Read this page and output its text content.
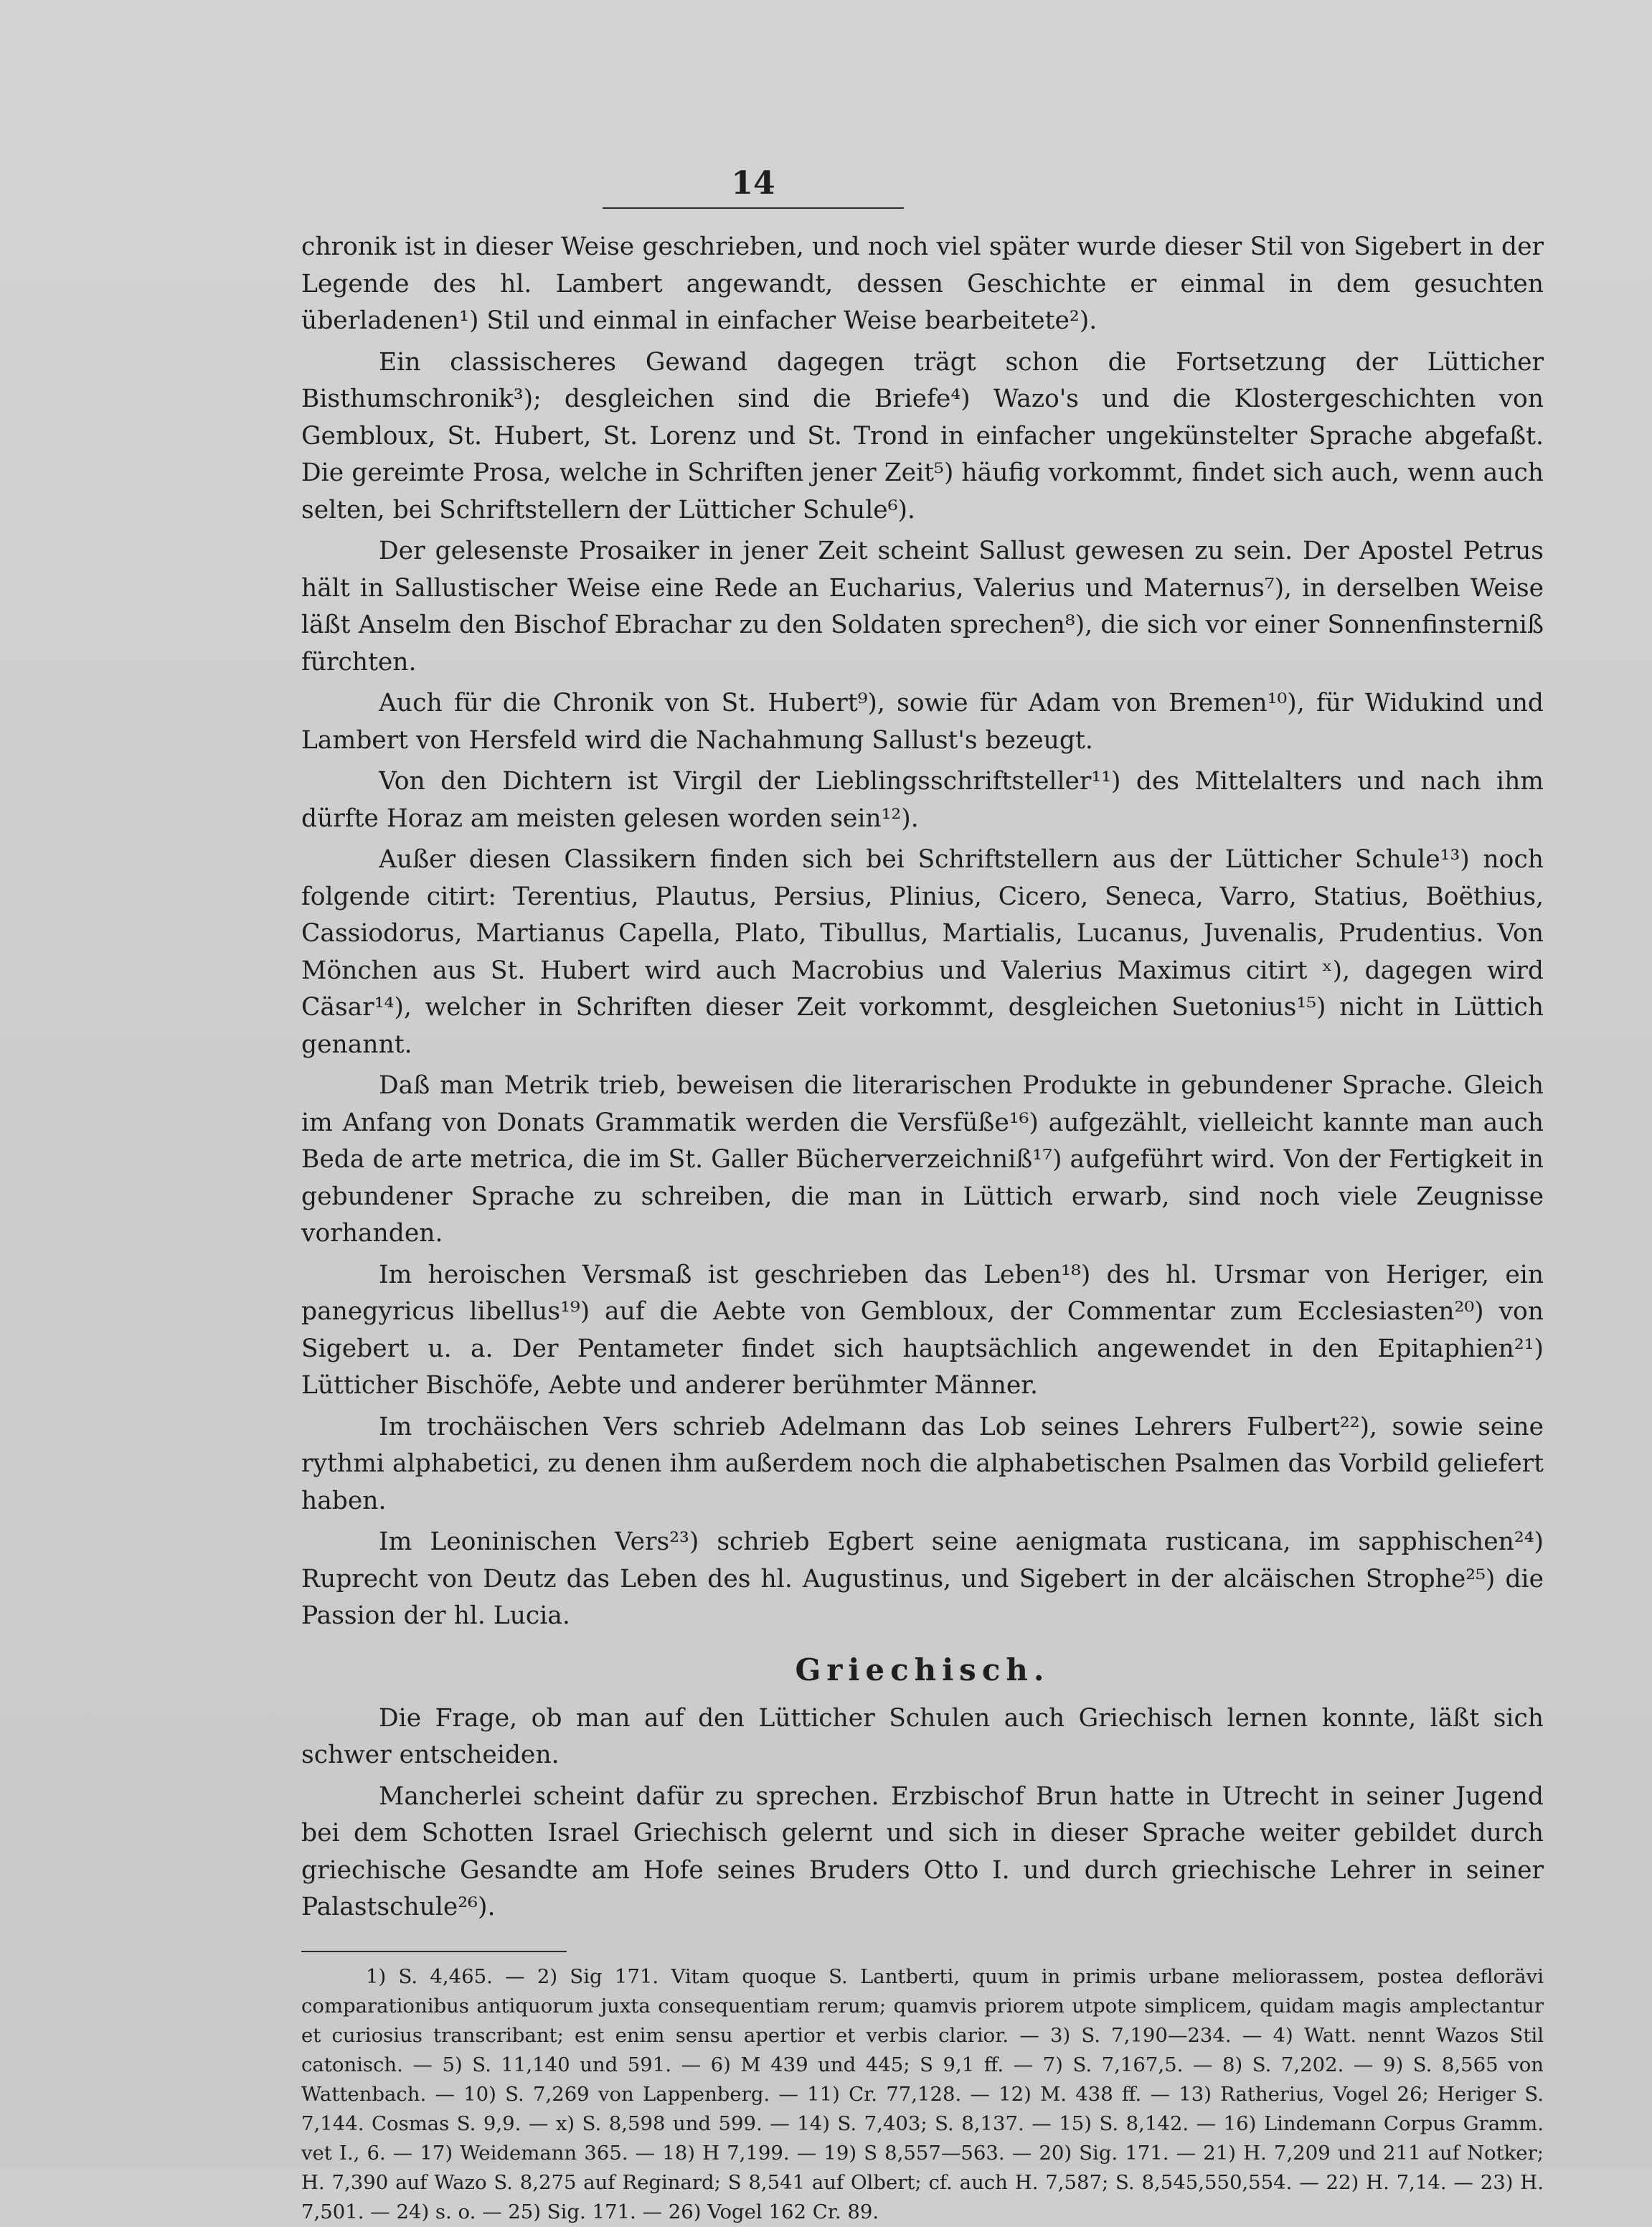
14

chronik ist in dieser Weise geschrieben, und noch viel später wurde dieser Stil von Sigebert in der Legende des hl. Lambert angewandt, dessen Geschichte er einmal in dem gesuchten überladenen¹) Stil und einmal in einfacher Weise bearbeitete²).

Ein classischeres Gewand dagegen trägt schon die Fortsetzung der Lütticher Bisthumschronik³); desgleichen sind die Briefe⁴) Wazo's und die Klostergeschichten von Gembloux, St. Hubert, St. Lorenz und St. Trond in einfacher ungekünstelter Sprache abgefaßt. Die gereimte Prosa, welche in Schriften jener Zeit⁵) häufig vorkommt, findet sich auch, wenn auch selten, bei Schriftstellern der Lütticher Schule⁶).

Der gelesenste Prosaiker in jener Zeit scheint Sallust gewesen zu sein. Der Apostel Petrus hält in Sallustischer Weise eine Rede an Eucharius, Valerius und Maternus⁷), in derselben Weise läßt Anselm den Bischof Ebrachar zu den Soldaten sprechen⁸), die sich vor einer Sonnenfinsterniß fürchten.

Auch für die Chronik von St. Hubert⁹), sowie für Adam von Bremen¹⁰), für Widukind und Lambert von Hersfeld wird die Nachahmung Sallust's bezeugt.

Von den Dichtern ist Virgil der Lieblingsschriftsteller¹¹) des Mittelalters und nach ihm dürfte Horaz am meisten gelesen worden sein¹²).

Außer diesen Classikern finden sich bei Schriftstellern aus der Lütticher Schule¹³) noch folgende citirt: Terentius, Plautus, Persius, Plinius, Cicero, Seneca, Varro, Statius, Boëthius, Cassiodorus, Martianus Capella, Plato, Tibullus, Martialis, Lucanus, Juvenalis, Prudentius. Von Mönchen aus St. Hubert wird auch Macrobius und Valerius Maximus citirt ˣ), dagegen wird Cäsar¹⁴), welcher in Schriften dieser Zeit vorkommt, desgleichen Suetonius¹⁵) nicht in Lüttich genannt.

Daß man Metrik trieb, beweisen die literarischen Produkte in gebundener Sprache. Gleich im Anfang von Donats Grammatik werden die Versfüße¹⁶) aufgezählt, vielleicht kannte man auch Beda de arte metrica, die im St. Galler Bücherverzeichniß¹⁷) aufgeführt wird. Von der Fertigkeit in gebundener Sprache zu schreiben, die man in Lüttich erwarb, sind noch viele Zeugnisse vorhanden.

Im heroischen Versmaß ist geschrieben das Leben¹⁸) des hl. Ursmar von Heriger, ein panegyricus libellus¹⁹) auf die Aebte von Gembloux, der Commentar zum Ecclesiasten²⁰) von Sigebert u. a. Der Pentameter findet sich hauptsächlich angewendet in den Epitaphien²¹) Lütticher Bischöfe, Aebte und anderer berühmter Männer.

Im trochäischen Vers schrieb Adelmann das Lob seines Lehrers Fulbert²²), sowie seine rythmi alphabetici, zu denen ihm außerdem noch die alphabetischen Psalmen das Vorbild geliefert haben.

Im Leoninischen Vers²³) schrieb Egbert seine aenigmata rusticana, im sapphischen²⁴) Ruprecht von Deutz das Leben des hl. Augustinus, und Sigebert in der alcäischen Strophe²⁵) die Passion der hl. Lucia.

Griechisch.

Die Frage, ob man auf den Lütticher Schulen auch Griechisch lernen konnte, läßt sich schwer entscheiden.

Mancherlei scheint dafür zu sprechen. Erzbischof Brun hatte in Utrecht in seiner Jugend bei dem Schotten Israel Griechisch gelernt und sich in dieser Sprache weiter gebildet durch griechische Gesandte am Hofe seines Bruders Otto I. und durch griechische Lehrer in seiner Palastschule²⁶).

1) S. 4,465. — 2) Sig 171. Vitam quoque S. Lantberti, quum in primis urbane meliorassem, postea deflorävi comparationibus antiquorum juxta consequentiam rerum; quamvis priorem utpote simplicem, quidam magis amplectantur et curiosius transcribant; est enim sensu apertior et verbis clarior. — 3) S. 7,190—234. — 4) Watt. nennt Wazos Stil catonisch. — 5) S. 11,140 und 591. — 6) M 439 und 445; S 9,1 ff. — 7) S. 7,167,5. — 8) S. 7,202. — 9) S. 8,565 von Wattenbach. — 10) S. 7,269 von Lappenberg. — 11) Cr. 77,128. — 12) M. 438 ff. — 13) Ratherius, Vogel 26; Heriger S. 7,144. Cosmas S. 9,9. — x) S. 8,598 und 599. — 14) S. 7,403; S. 8,137. — 15) S. 8,142. — 16) Lindemann Corpus Gramm. vet I., 6. — 17) Weidemann 365. — 18) H 7,199. — 19) S 8,557—563. — 20) Sig. 171. — 21) H. 7,209 und 211 auf Notker; H. 7,390 auf Wazo S. 8,275 auf Reginard; S 8,541 auf Olbert; cf. auch H. 7,587; S. 8,545,550,554. — 22) H. 7,14. — 23) H. 7,501. — 24) s. o. — 25) Sig. 171. — 26) Vogel 162 Cr. 89.
